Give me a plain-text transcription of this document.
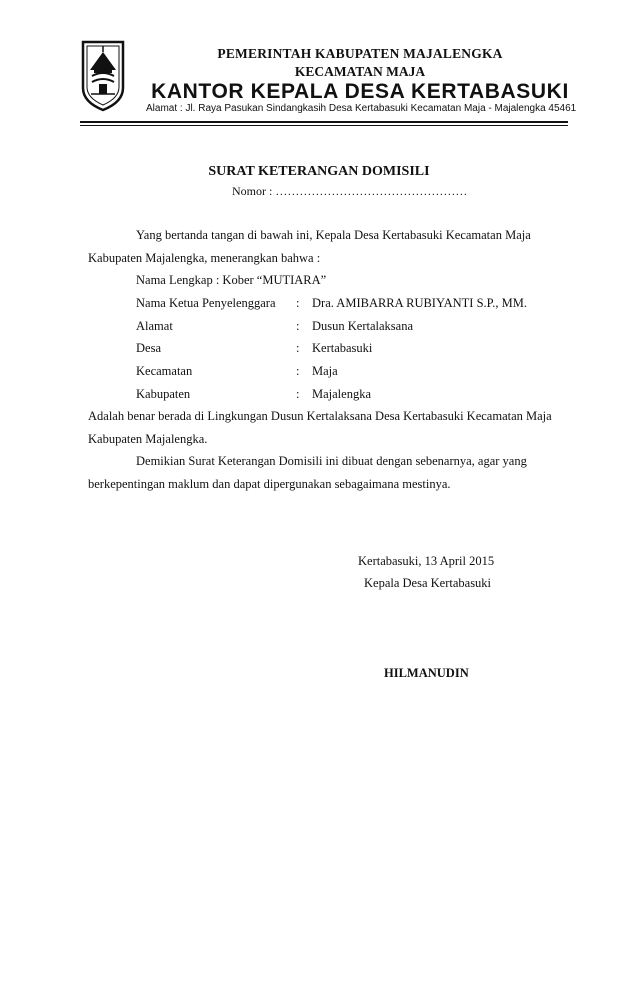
PEMERINTAH KABUPATEN MAJALENGKA
KECAMATAN MAJA
KANTOR KEPALA DESA KERTABASUKI
Alamat : Jl. Raya Pasukan Sindangkasih Desa Kertabasuki Kecamatan Maja - Majalengka 45461
SURAT KETERANGAN DOMISILI
Nomor : …………………………………………
Yang bertanda tangan di bawah ini, Kepala Desa Kertabasuki Kecamatan Maja
Kabupaten Majalengka, menerangkan bahwa :
Nama Lengkap : Kober “MUTIARA”
Nama Ketua Penyelenggara : Dra. AMIBARRA RUBIYANTI S.P., MM.
Alamat	: Dusun Kertalaksana
Desa	: Kertabasuki
Kecamatan	: Maja
Kabupaten	: Majalengka
Adalah benar berada di Lingkungan Dusun Kertalaksana Desa Kertabasuki Kecamatan Maja
Kabupaten Majalengka.
Demikian Surat Keterangan Domisili ini dibuat dengan sebenarnya, agar yang
berkepentingan maklum dan dapat dipergunakan sebagaimana mestinya.
Kertabasuki, 13 April 2015
Kepala Desa Kertabasuki
HILMANUDIN
